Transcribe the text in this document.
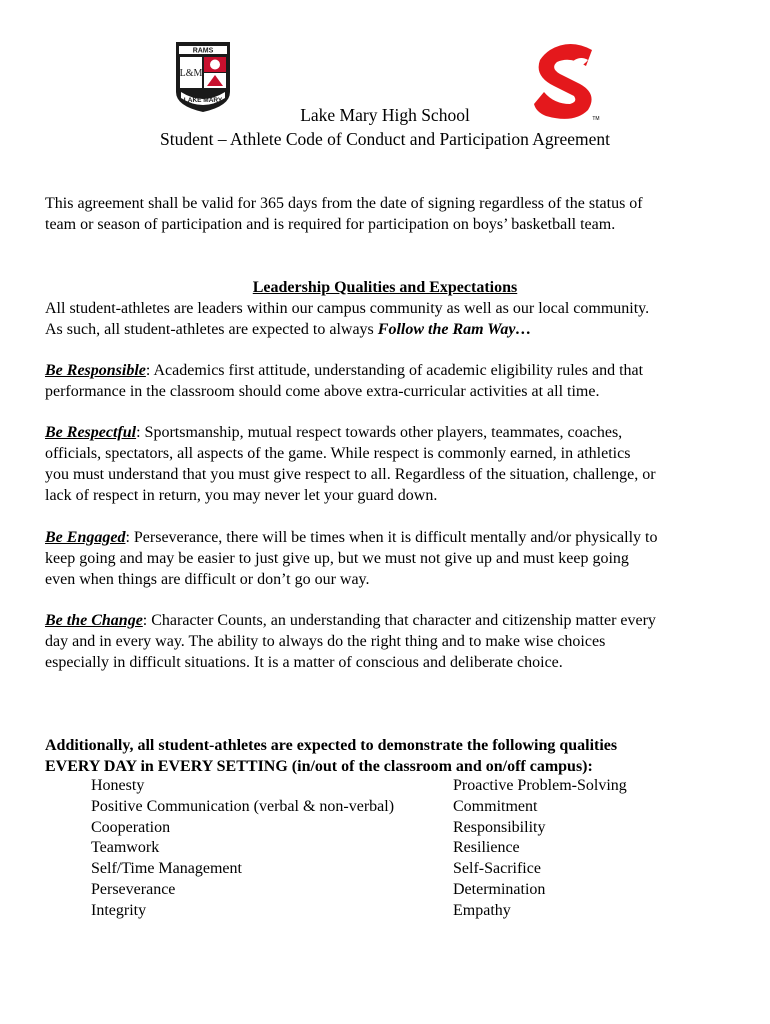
RAMS
L&M
LAKE MARY
TM
Lake Mary High School
Student – Athlete Code of Conduct and Participation Agreement
This agreement shall be valid for 365 days from the date of signing regardless of the status of
team or season of participation and is required for participation on boys’ basketball team.
Leadership Qualities and Expectations
All student-athletes are leaders within our campus community as well as our local community.
As such, all student-athletes are expected to always Follow the Ram Way…
Be Responsible: Academics first attitude, understanding of academic eligibility rules and that
performance in the classroom should come above extra-curricular activities at all time.
Be Respectful: Sportsmanship, mutual respect towards other players, teammates, coaches,
officials, spectators, all aspects of the game. While respect is commonly earned, in athletics
you must understand that you must give respect to all. Regardless of the situation, challenge, or
lack of respect in return, you may never let your guard down.
Be Engaged: Perseverance, there will be times when it is difficult mentally and/or physically to
keep going and may be easier to just give up, but we must not give up and must keep going
even when things are difficult or don’t go our way.
Be the Change: Character Counts, an understanding that character and citizenship matter every
day and in every way. The ability to always do the right thing and to make wise choices
especially in difficult situations. It is a matter of conscious and deliberate choice.
Additionally, all student-athletes are expected to demonstrate the following qualities
EVERY DAY in EVERY SETTING (in/out of the classroom and on/off campus):
Honesty
Positive Communication (verbal & non-verbal)
Cooperation
Teamwork
Self/Time Management
Perseverance
Integrity
Proactive Problem-Solving
Commitment
Responsibility
Resilience
Self-Sacrifice
Determination
Empathy
